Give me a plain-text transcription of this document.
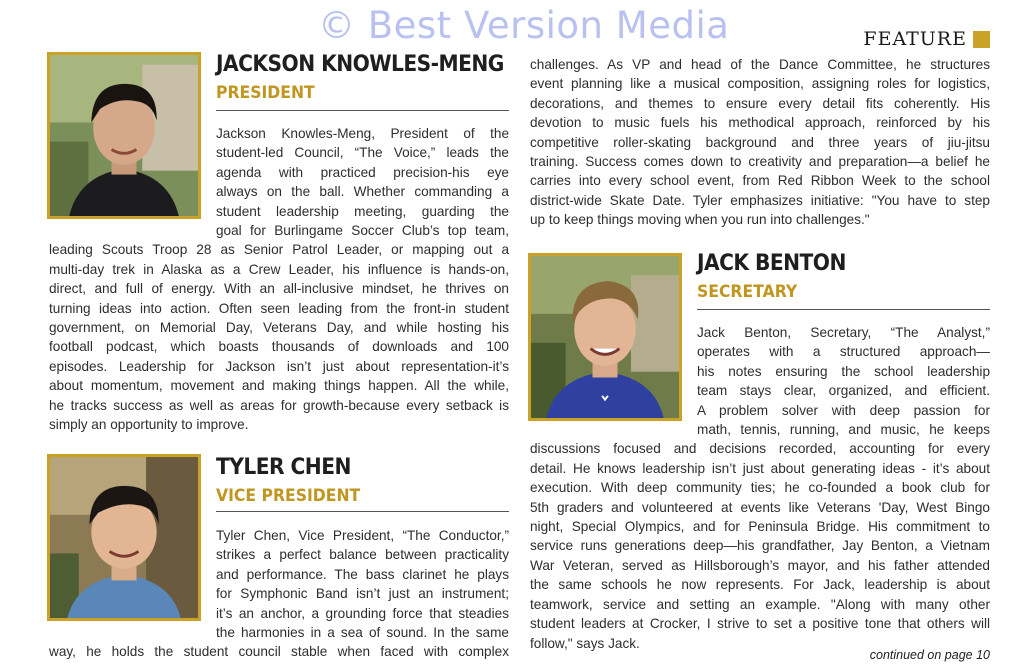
© Best Version Media	FEATURE
JACKSON KNOWLES-MENG
PRESIDENT
Jackson Knowles-Meng, President of the
student-led Council, “The Voice,” leads the
agenda with practiced precision-his eye
always on the ball. Whether commanding a
student leadership meeting, guarding the
goal for Burlingame Soccer Club’s top team,
leading Scouts Troop 28 as Senior Patrol Leader, or mapping out a
multi-day trek in Alaska as a Crew Leader, his influence is hands-on,
direct, and full of energy. With an all-inclusive mindset, he thrives on
turning ideas into action. Often seen leading from the front-in student
government, on Memorial Day, Veterans Day, and while hosting his
football podcast, which boasts thousands of downloads and 100
episodes. Leadership for Jackson isn’t just about representation-it’s
about momentum, movement and making things happen. All the while,
he tracks success as well as areas for growth-because every setback is
simply an opportunity to improve.
TYLER CHEN
VICE PRESIDENT
Tyler Chen, Vice President, “The Conductor,”
strikes a perfect balance between practicality
and performance. The bass clarinet he plays
for Symphonic Band isn’t just an instrument;
it’s an anchor, a grounding force that steadies
the harmonies in a sea of sound. In the same
way, he holds the student council stable when faced with complex
challenges. As VP and head of the Dance Committee, he structures
event planning like a musical composition, assigning roles for logistics,
decorations, and themes to ensure every detail fits coherently. His
devotion to music fuels his methodical approach, reinforced by his
competitive roller-skating background and three years of jiu-jitsu
training. Success comes down to creativity and preparation—a belief he
carries into every school event, from Red Ribbon Week to the school
district-wide Skate Date. Tyler emphasizes initiative: "You have to step
up to keep things moving when you run into challenges."
JACK BENTON
SECRETARY
Jack Benton, Secretary, “The Analyst,”
operates with a structured approach—
his notes ensuring the school leadership
team stays clear, organized, and efficient.
A problem solver with deep passion for
math, tennis, running, and music, he keeps
discussions focused and decisions recorded, accounting for every
detail. He knows leadership isn’t just about generating ideas - it’s about
execution. With deep community ties; he co-founded a book club for
5th graders and volunteered at events like Veterans 'Day, West Bingo
night, Special Olympics, and for Peninsula Bridge. His commitment to
service runs generations deep—his grandfather, Jay Benton, a Vietnam
War Veteran, served as Hillsborough’s mayor, and his father attended
the same schools he now represents. For Jack, leadership is about
teamwork, service and setting an example. "Along with many other
student leaders at Crocker, I strive to set a positive tone that others will
follow," says Jack.
continued on page 10
